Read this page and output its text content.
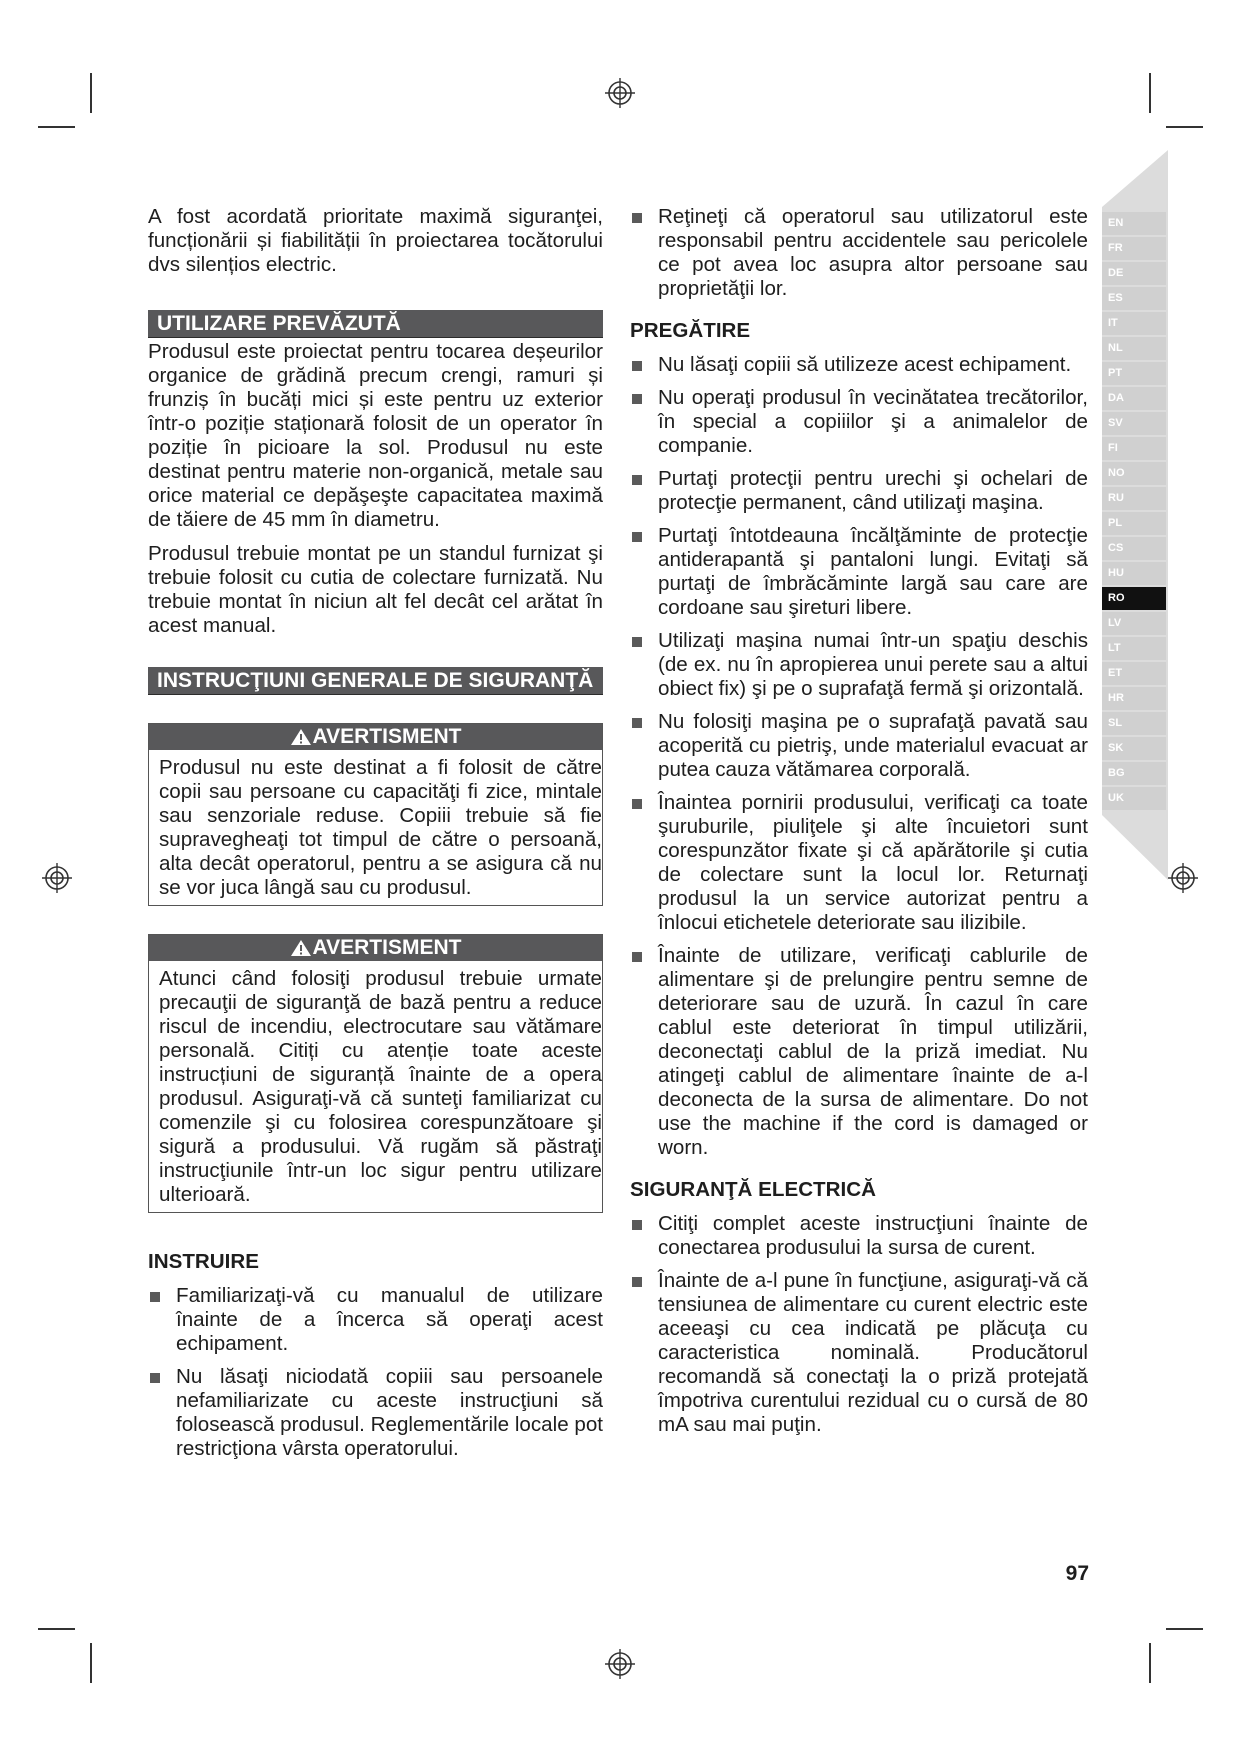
EN
FR
DE
ES
IT
NL
PT
DA
SV
FI
NO
RU
PL
CS
HU
RO
LV
LT
ET
HR
SL
SK
BG
UK

A fost acordată prioritate maximă siguranţei, funcționării și fiabilității în proiectarea tocătorului dvs silențios electric.

UTILIZARE PREVĂZUTĂ

Produsul este proiectat pentru tocarea deșeurilor organice de grădină precum crengi, ramuri și frunziș în bucăți mici și este pentru uz exterior într-o poziție staționară folosit de un operator în poziție în picioare la sol. Produsul nu este destinat pentru materie non-organică, metale sau orice material ce depăşeşte capacitatea maximă de tăiere de 45 mm în diametru.

Produsul trebuie montat pe un standul furnizat şi trebuie folosit cu cutia de colectare furnizată. Nu trebuie montat în niciun alt fel decât cel arătat în acest manual.

INSTRUCŢIUNI GENERALE DE SIGURANŢĂ
AVERTISMENT
Produsul nu este destinat a fi folosit de către copii sau persoane cu capacităţi fi zice, mintale sau senzoriale reduse. Copiii trebuie să fie supravegheaţi tot timpul de către o persoană, alta decât operatorul, pentru a se asigura că nu se vor juca lângă sau cu produsul.
AVERTISMENT
Atunci când folosiţi produsul trebuie urmate precauţii de siguranţă de bază pentru a reduce riscul de incendiu, electrocutare sau vătămare personală. Citiți cu atenție toate aceste instrucțiuni de siguranță înainte de a opera produsul. Asiguraţi-vă că sunteţi familiarizat cu comenzile şi cu folosirea corespunzătoare şi sigură a produsului. Vă rugăm să păstraţi instrucţiunile într-un loc sigur pentru utilizare ulterioară.
INSTRUIRE
Familiarizaţi-vă cu manualul de utilizare înainte de a încerca să operaţi acest echipament.
Nu lăsaţi niciodată copiii sau persoanele nefamiliarizate cu aceste instrucţiuni să folosească produsul. Reglementările locale pot restricţiona vârsta operatorului.
Reţineţi că operatorul sau utilizatorul este responsabil pentru accidentele sau pericolele ce pot avea loc asupra altor persoane sau proprietăţii lor.
PREGĂTIRE
Nu lăsaţi copiii să utilizeze acest echipament.
Nu operaţi produsul în vecinătatea trecătorilor, în special a copiiilor şi a animalelor de companie.
Purtaţi protecţii pentru urechi şi ochelari de protecţie permanent, când utilizaţi maşina.
Purtaţi întotdeauna încălţăminte de protecţie antiderapantă şi pantaloni lungi. Evitaţi să purtaţi de îmbrăcăminte largă sau care are cordoane sau şireturi libere.
Utilizaţi maşina numai într-un spaţiu deschis (de ex. nu în apropierea unui perete sau a altui obiect fix) şi pe o suprafaţă fermă şi orizontală.
Nu folosiţi maşina pe o suprafaţă pavată sau acoperită cu pietriş, unde materialul evacuat ar putea cauza vătămarea corporală.
Înaintea pornirii produsului, verificaţi ca toate şuruburile, piuliţele şi alte încuietori sunt corespunzător fixate şi că apărătorile şi cutia de colectare sunt la locul lor. Returnaţi produsul la un service autorizat pentru a înlocui etichetele deteriorate sau ilizibile.
Înainte de utilizare, verificaţi cablurile de alimentare şi de prelungire pentru semne de deteriorare sau de uzură. În cazul în care cablul este deteriorat în timpul utilizării, deconectaţi cablul de la priză imediat. Nu atingeţi cablul de alimentare înainte de a-l deconecta de la sursa de alimentare. Do not use the machine if the cord is damaged or worn.
SIGURANŢĂ ELECTRICĂ
Citiţi complet aceste instrucţiuni înainte de conectarea produsului la sursa de curent.
Înainte de a-l pune în funcţiune, asiguraţi-vă că tensiunea de alimentare cu curent electric este aceeaşi cu cea indicată pe plăcuţa cu caracteristica nominală. Producătorul recomandă să conectaţi la o priză protejată împotriva curentului rezidual cu o cursă de 80 mA sau mai puţin.
97
